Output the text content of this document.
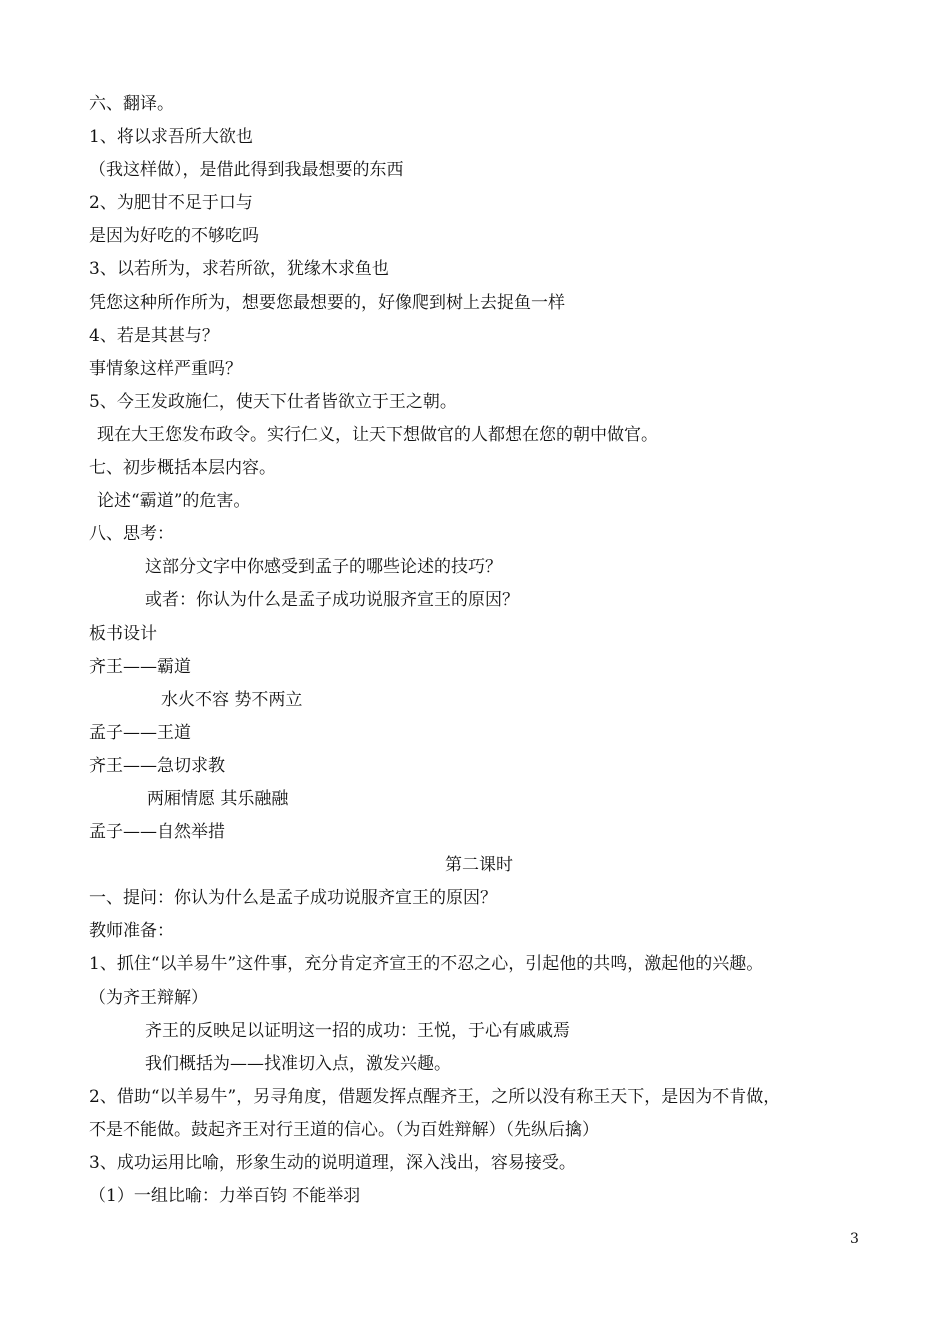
六、翻译。
1、将以求吾所大欲也
（我这样做），是借此得到我最想要的东西
2、为肥甘不足于口与
是因为好吃的不够吃吗
3、以若所为，求若所欲，犹缘木求鱼也
凭您这种所作所为，想要您最想要的，好像爬到树上去捉鱼一样
4、若是其甚与？
事情象这样严重吗？
5、今王发政施仁，使天下仕者皆欲立于王之朝。
现在大王您发布政令。实行仁义，让天下想做官的人都想在您的朝中做官。
七、初步概括本层内容。
论述“霸道”的危害。
八、思考：
这部分文字中你感受到孟子的哪些论述的技巧？
或者：你认为什么是孟子成功说服齐宣王的原因？
板书设计
齐王——霸道
水火不容 势不两立
孟子——王道
齐王——急切求教
两厢情愿 其乐融融
孟子——自然举措
第二课时
一、提问：你认为什么是孟子成功说服齐宣王的原因？
教师准备：
1、抓住“以羊易牛”这件事，充分肯定齐宣王的不忍之心，引起他的共鸣，激起他的兴趣。
（为齐王辩解）
齐王的反映足以证明这一招的成功：王悦，于心有戚戚焉
我们概括为——找准切入点，激发兴趣。
2、借助“以羊易牛”，另寻角度，借题发挥点醒齐王，之所以没有称王天下，是因为不肯做，
不是不能做。鼓起齐王对行王道的信心。（为百姓辩解）（先纵后擒）
3、成功运用比喻，形象生动的说明道理，深入浅出，容易接受。
（1）一组比喻：力举百钧 不能举羽
3
